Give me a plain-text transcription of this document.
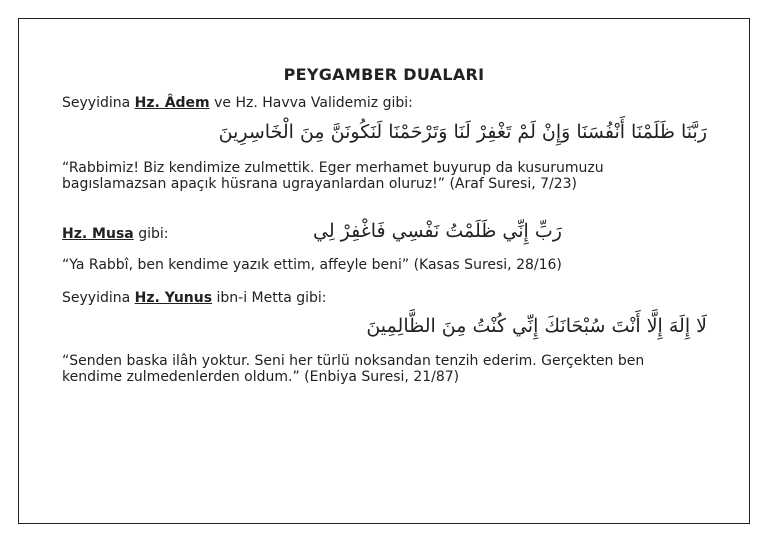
PEYGAMBER DUALARI
Seyyidina Hz. Âdem ve Hz. Havva Validemiz gibi:
رَبَّنَا ظَلَمْنَا أَنْفُسَنَا وَإِنْ لَمْ تَغْفِرْ لَنَا وَتَرْحَمْنَا لَنَكُونَنَّ مِنَ الْخَاسِرِينَ
“Rabbimiz! Biz kendimize zulmettik. Eger merhamet buyurup da kusurumuzu
bagıslamazsan apaçık hüsrana ugrayanlardan oluruz!” (Araf Suresi, 7/23)
Hz. Musa gibi:	رَبِّ إِنِّي ظَلَمْتُ نَفْسِي فَاغْفِرْ لِي
“Ya Rabbî, ben kendime yazık ettim, affeyle beni” (Kasas Suresi, 28/16)
Seyyidina Hz. Yunus ibn-i Metta gibi:
لَا إِلَهَ إِلَّا أَنْتَ سُبْحَانَكَ إِنِّي كُنْتُ مِنَ الظَّالِمِينَ
“Senden baska ilâh yoktur. Seni her türlü noksandan tenzih ederim. Gerçekten ben
kendime zulmedenlerden oldum.” (Enbiya Suresi, 21/87)
